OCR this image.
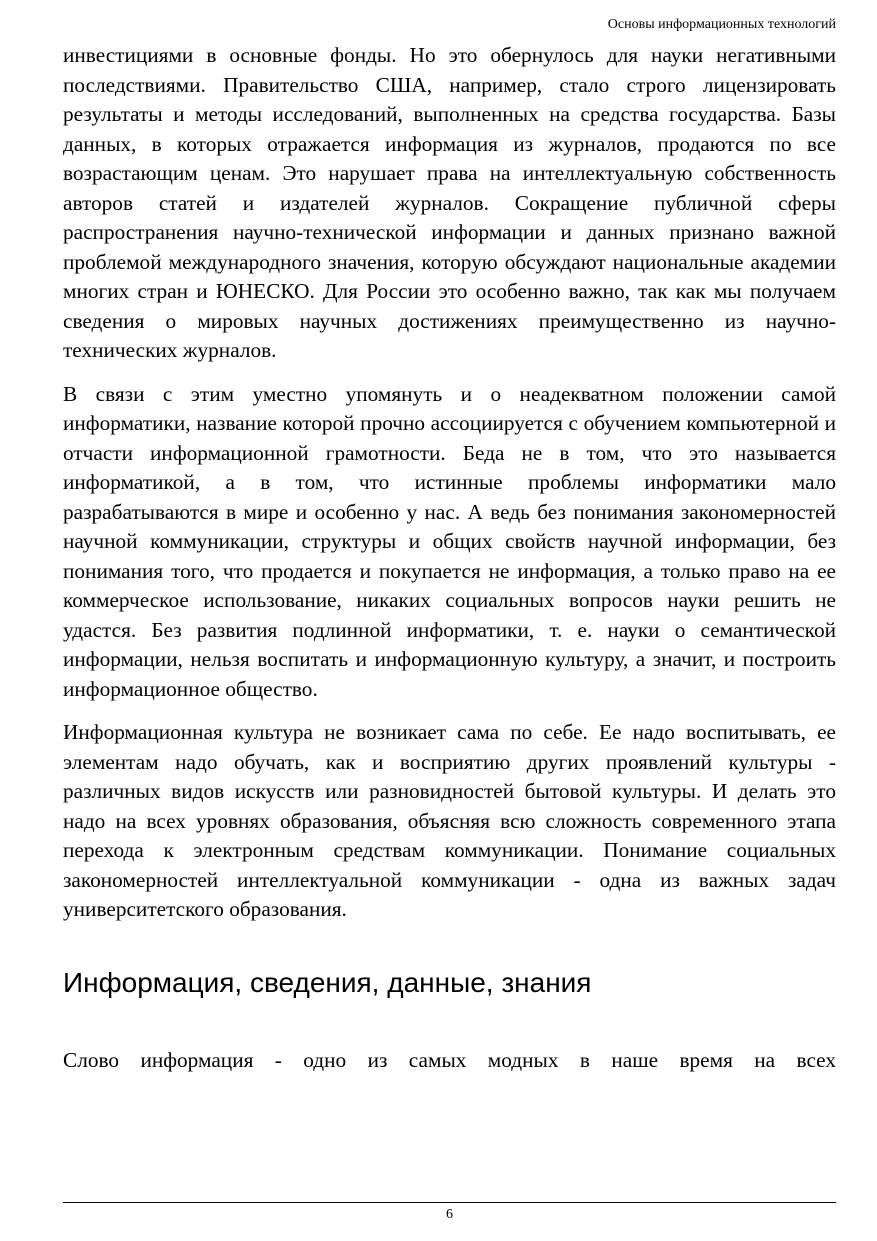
Основы информационных технологий

инвестициями в основные фонды. Но это обернулось для науки негативными последствиями. Правительство США, например, стало строго лицензировать результаты и методы исследований, выполненных на средства государства. Базы данных, в которых отражается информация из журналов, продаются по все возрастающим ценам. Это нарушает права на интеллектуальную собственность авторов статей и издателей журналов. Сокращение публичной сферы распространения научно-технической информации и данных признано важной проблемой международного значения, которую обсуждают национальные академии многих стран и ЮНЕСКО. Для России это особенно важно, так как мы получаем сведения о мировых научных достижениях преимущественно из научно-технических журналов.

В связи с этим уместно упомянуть и о неадекватном положении самой информатики, название которой прочно ассоциируется с обучением компьютерной и отчасти информационной грамотности. Беда не в том, что это называется информатикой, а в том, что истинные проблемы информатики мало разрабатываются в мире и особенно у нас. А ведь без понимания закономерностей научной коммуникации, структуры и общих свойств научной информации, без понимания того, что продается и покупается не информация, а только право на ее коммерческое использование, никаких социальных вопросов науки решить не удастся. Без развития подлинной информатики, т. е. науки о семантической информации, нельзя воспитать и информационную культуру, а значит, и построить информационное общество.

Информационная культура не возникает сама по себе. Ее надо воспитывать, ее элементам надо обучать, как и восприятию других проявлений культуры - различных видов искусств или разновидностей бытовой культуры. И делать это надо на всех уровнях образования, объясняя всю сложность современного этапа перехода к электронным средствам коммуникации. Понимание социальных закономерностей интеллектуальной коммуникации - одна из важных задач университетского образования.

Информация, сведения, данные, знания

Слово информация - одно из самых модных в наше время на всех

6
